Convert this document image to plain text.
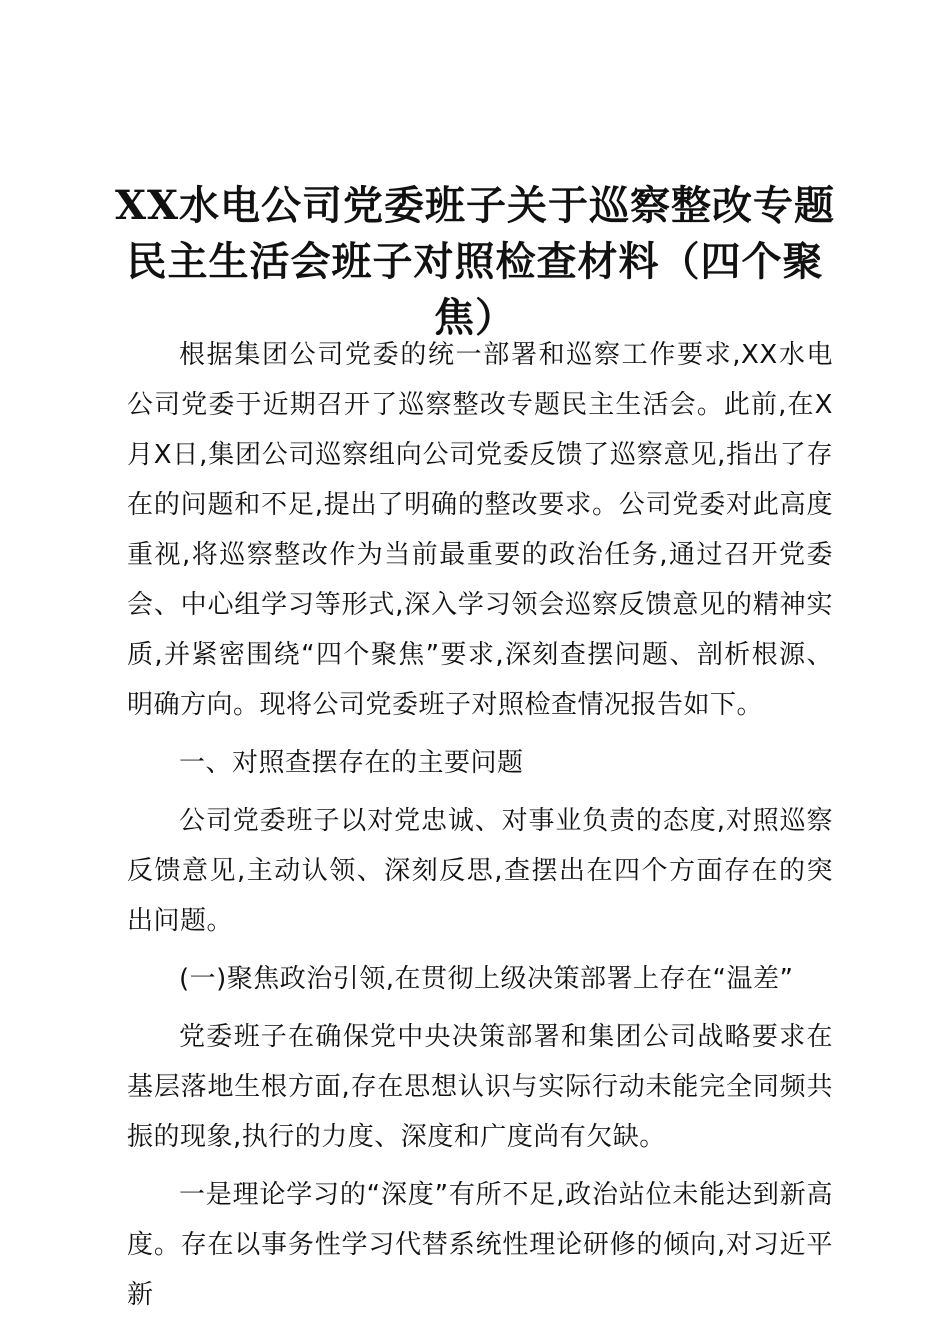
XX水电公司党委班子关于巡察整改专题民主生活会班子对照检查材料（四个聚焦）

根据集团公司党委的统一部署和巡察工作要求,XX水电公司党委于近期召开了巡察整改专题民主生活会。此前,在X月X日,集团公司巡察组向公司党委反馈了巡察意见,指出了存在的问题和不足,提出了明确的整改要求。公司党委对此高度重视,将巡察整改作为当前最重要的政治任务,通过召开党委会、中心组学习等形式,深入学习领会巡察反馈意见的精神实质,并紧密围绕“四个聚焦”要求,深刻查摆问题、剖析根源、明确方向。现将公司党委班子对照检查情况报告如下。

一、对照查摆存在的主要问题

公司党委班子以对党忠诚、对事业负责的态度,对照巡察反馈意见,主动认领、深刻反思,查摆出在四个方面存在的突出问题。

(一)聚焦政治引领,在贯彻上级决策部署上存在“温差”

党委班子在确保党中央决策部署和集团公司战略要求在基层落地生根方面,存在思想认识与实际行动未能完全同频共振的现象,执行的力度、深度和广度尚有欠缺。

一是理论学习的“深度”有所不足,政治站位未能达到新高度。存在以事务性学习代替系统性理论研修的倾向,对习近平新
